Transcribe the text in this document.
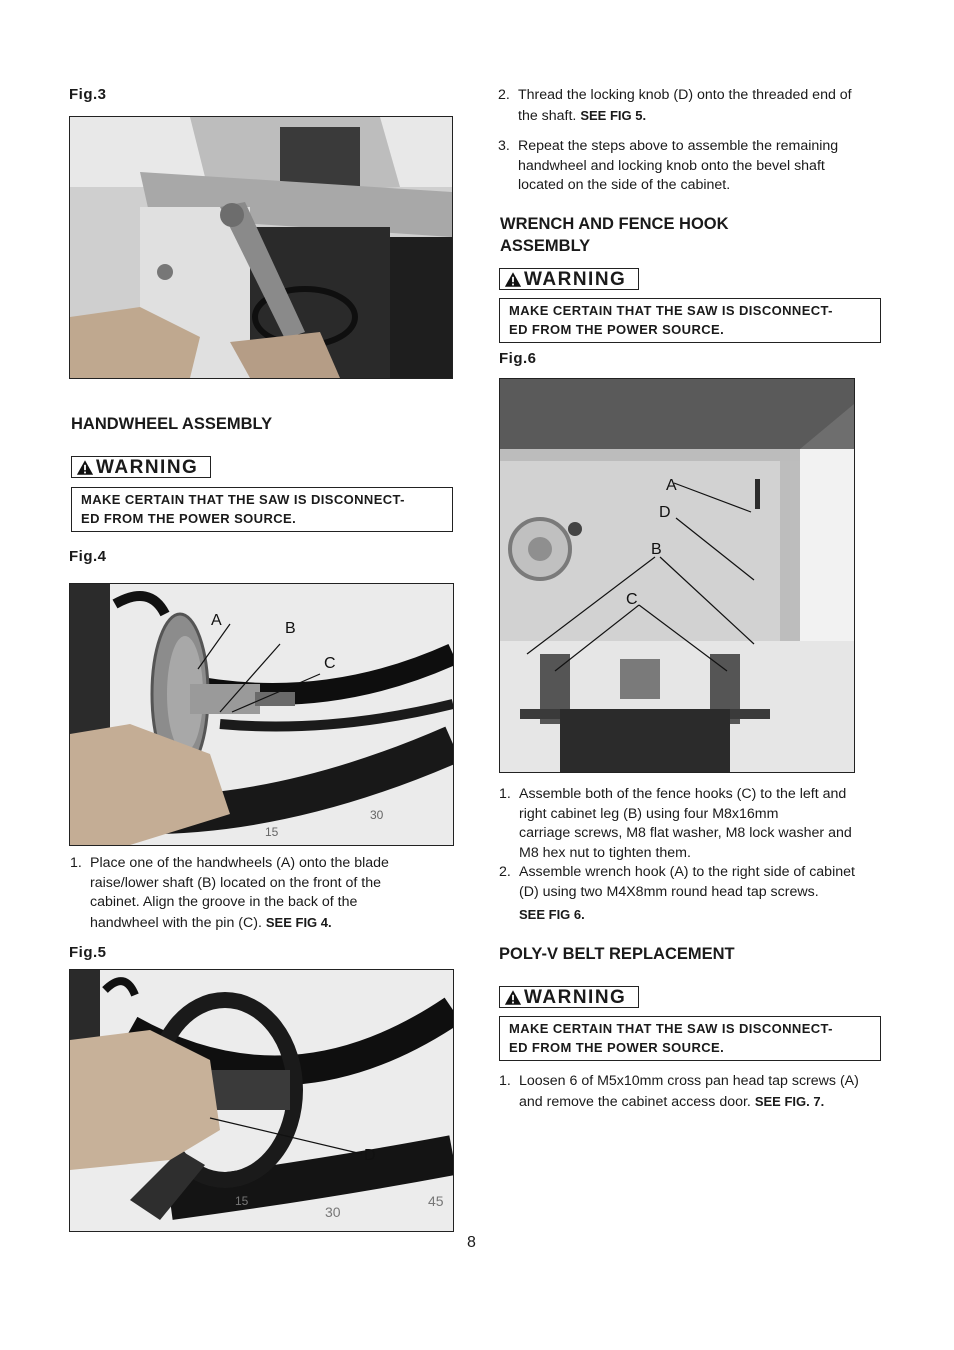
Fig.3
HANDWHEEL ASSEMBLY
WARNING
MAKE CERTAIN THAT THE SAW IS DISCONNECT-
ED FROM THE POWER SOURCE.
Fig.4
15
30
A	B
C
1. Place one of the handwheels (A) onto the blade
raise/lower shaft (B) located on the front of the
cabinet. Align the groove in the back of the
handwheel with the pin (C). SEE FIG 4.
Fig.5
15
30
45
D
8
2. Thread the locking knob (D) onto the threaded end of
the shaft. SEE FIG 5.
3. Repeat the steps above to assemble the remaining
handwheel and locking knob onto the bevel shaft
located on the side of the cabinet.
WRENCH AND FENCE HOOK
ASSEMBLY
WARNING
MAKE CERTAIN THAT THE SAW IS DISCONNECT-
ED FROM THE POWER SOURCE.
Fig.6
A
D
B
C
1. Assemble both of the fence hooks (C) to the left and
right cabinet leg (B) using four M8x16mm
carriage screws, M8 flat washer, M8 lock washer and
M8 hex nut to tighten them.
2. Assemble wrench hook (A) to the right side of cabinet
(D) using two M4X8mm round head tap screws.
SEE FIG 6.
POLY-V BELT REPLACEMENT
WARNING
MAKE CERTAIN THAT THE SAW IS DISCONNECT-
ED FROM THE POWER SOURCE.
1. Loosen 6 of M5x10mm cross pan head tap screws (A)
and remove the cabinet access door. SEE FIG. 7.
